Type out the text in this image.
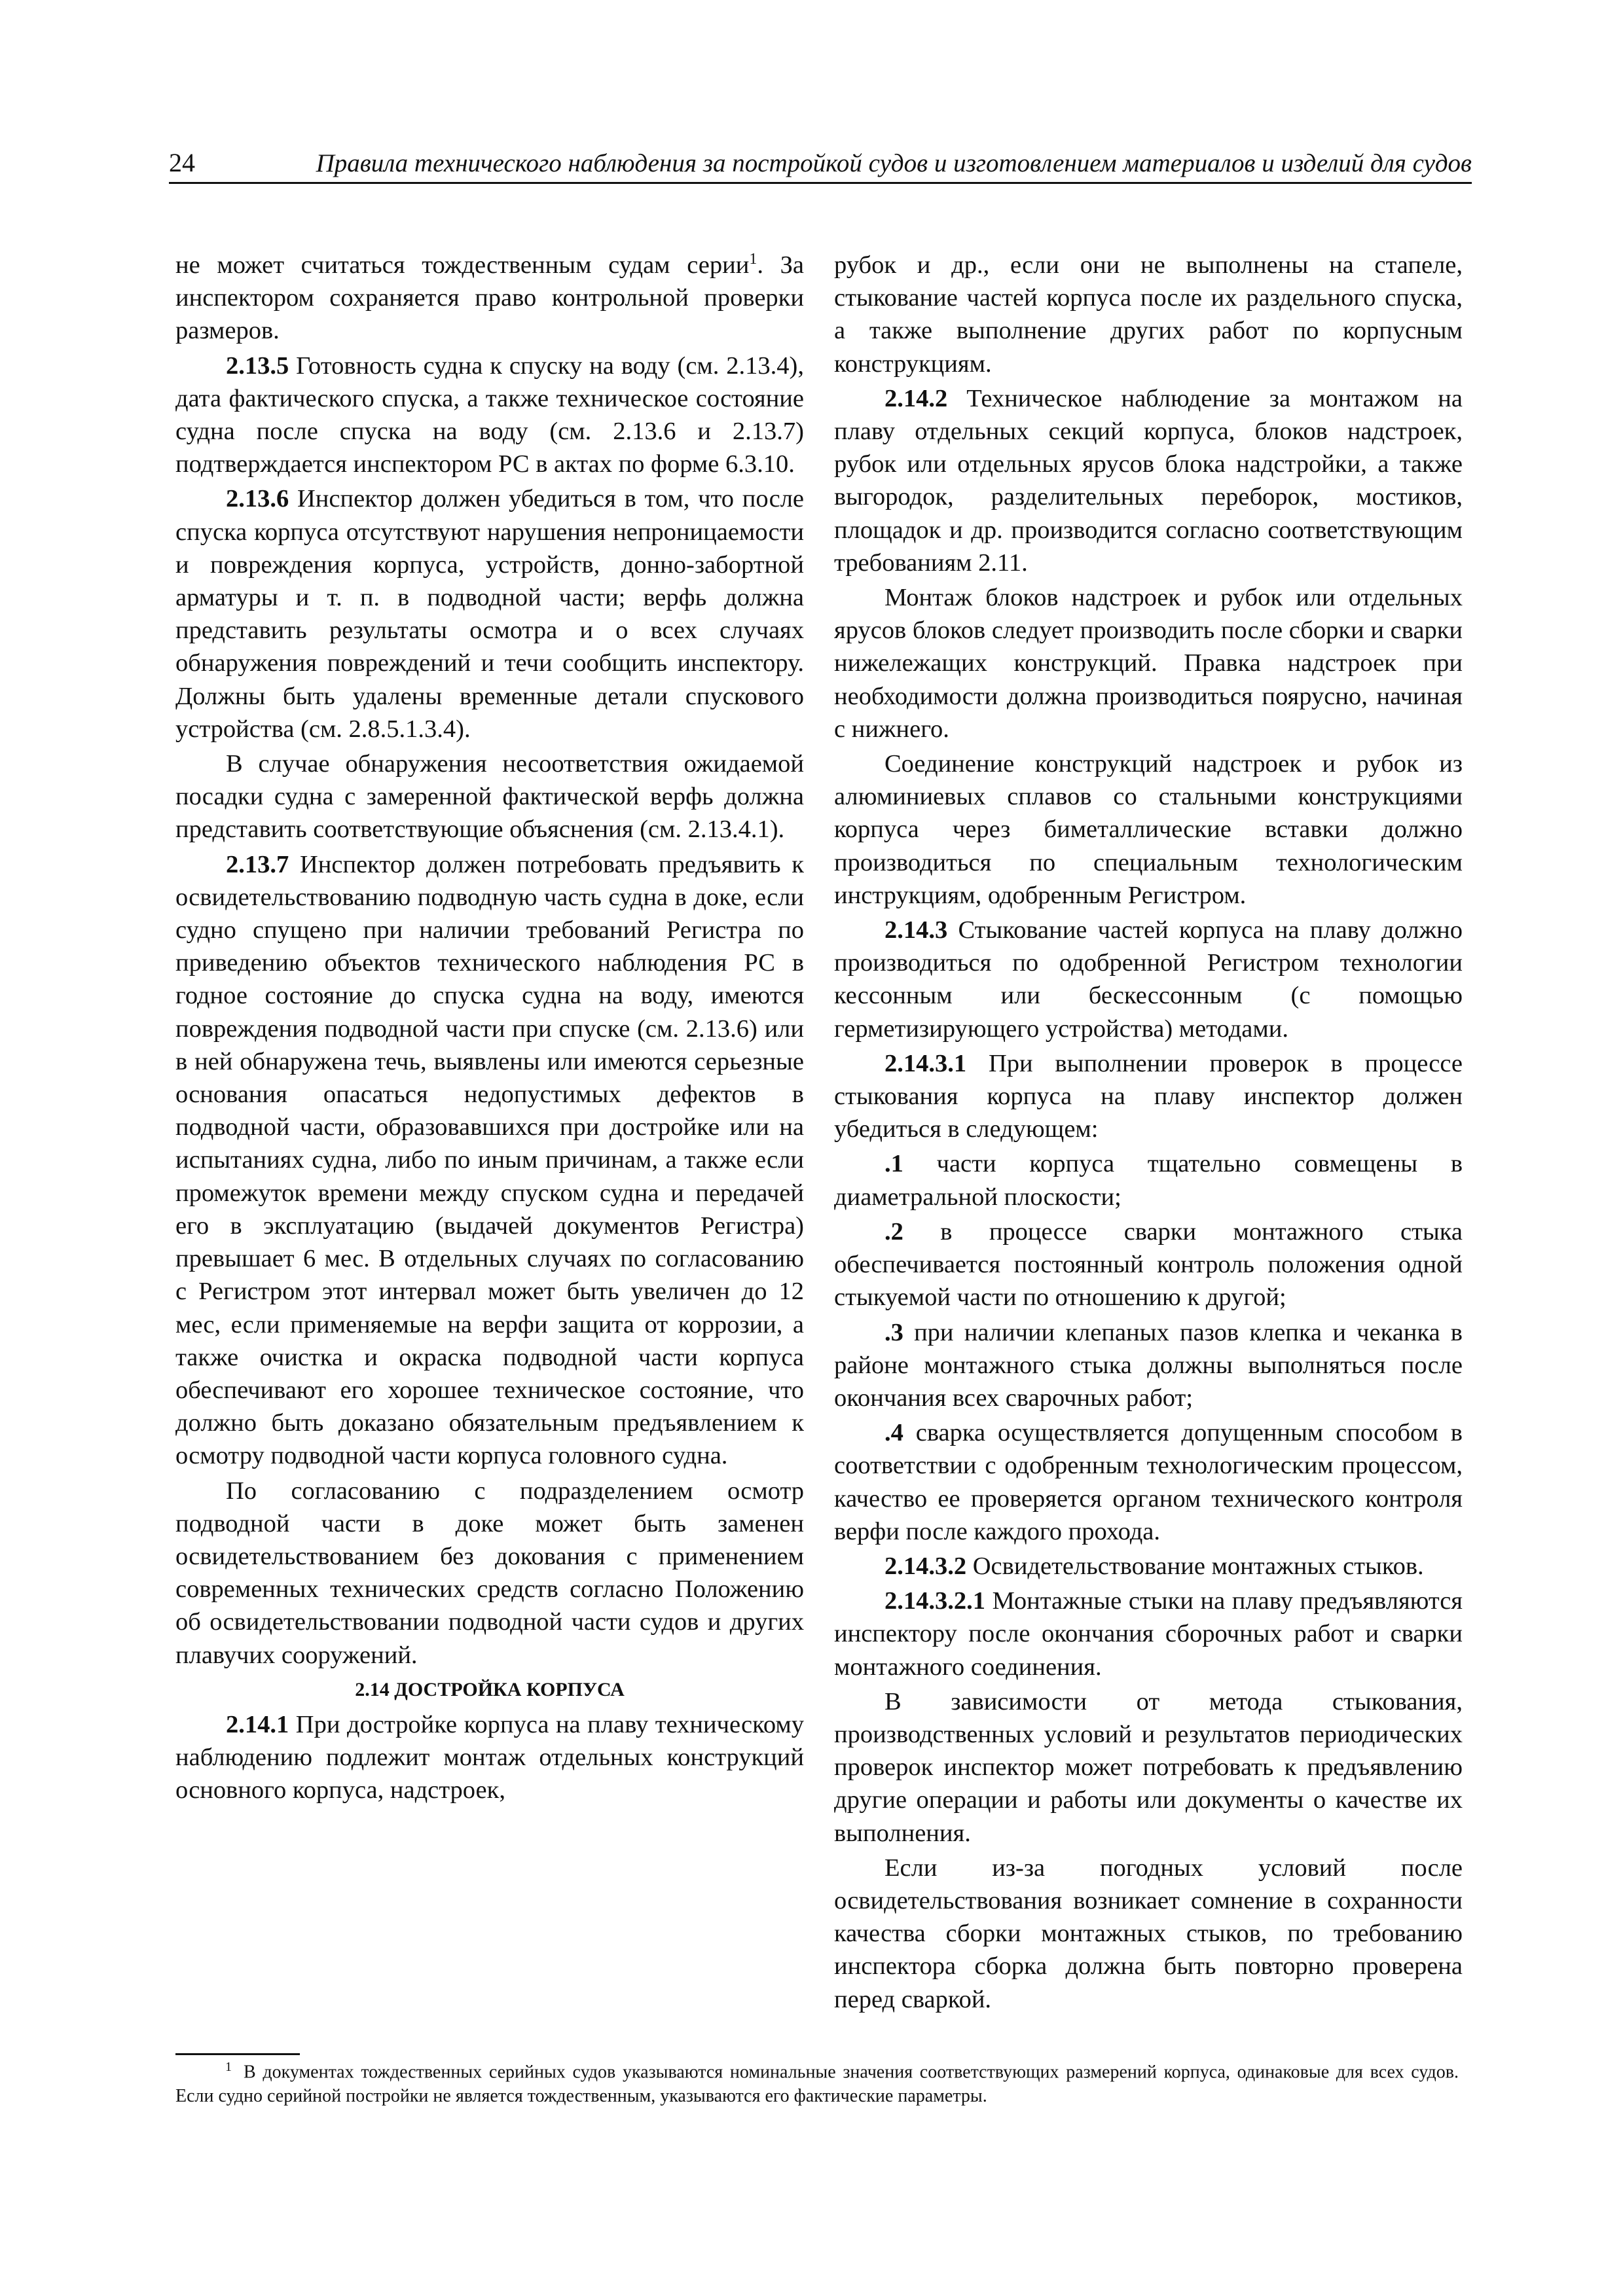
24	Правила технического наблюдения за постройкой судов и изготовлением материалов и изделий для судов

не может считаться тождественным судам серии$^1$. За инспектором сохраняется право контрольной проверки размеров.

2.13.5 Готовность судна к спуску на воду (см. 2.13.4), дата фактического спуска, а также техническое состояние судна после спуска на воду (см. 2.13.6 и 2.13.7) подтверждается инспектором РС в актах по форме 6.3.10.

2.13.6 Инспектор должен убедиться в том, что после спуска корпуса отсутствуют нарушения непроницаемости и повреждения корпуса, устройств, донно-забортной арматуры и т. п. в подводной части; верфь должна представить результаты осмотра и о всех случаях обнаружения повреждений и течи сообщить инспектору. Должны быть удалены временные детали спускового устройства (см. 2.8.5.1.3.4).

В случае обнаружения несоответствия ожидаемой посадки судна с замеренной фактической верфь должна представить соответствующие объяснения (см. 2.13.4.1).

2.13.7 Инспектор должен потребовать предъявить к освидетельствованию подводную часть судна в доке, если судно спущено при наличии требований Регистра по приведению объектов технического наблюдения РС в годное состояние до спуска судна на воду, имеются повреждения подводной части при спуске (см. 2.13.6) или в ней обнаружена течь, выявлены или имеются серьезные основания опасаться недопустимых дефектов в подводной части, образовавшихся при достройке или на испытаниях судна, либо по иным причинам, а также если промежуток времени между спуском судна и передачей его в эксплуатацию (выдачей документов Регистра) превышает 6 мес. В отдельных случаях по согласованию с Регистром этот интервал может быть увеличен до 12 мес, если применяемые на верфи защита от коррозии, а также очистка и окраска подводной части корпуса обеспечивают его хорошее техническое состояние, что должно быть доказано обязательным предъявлением к осмотру подводной части корпуса головного судна.

По согласованию с подразделением осмотр подводной части в доке может быть заменен освидетельствованием без докования с применением современных технических средств согласно Положению об освидетельствовании подводной части судов и других плавучих сооружений.

2.14 ДОСТРОЙКА КОРПУСА

2.14.1 При достройке корпуса на плаву техническому наблюдению подлежит монтаж отдельных конструкций основного корпуса, надстроек,

рубок и др., если они не выполнены на стапеле, стыкование частей корпуса после их раздельного спуска, а также выполнение других работ по корпусным конструкциям.

2.14.2 Техническое наблюдение за монтажом на плаву отдельных секций корпуса, блоков надстроек, рубок или отдельных ярусов блока надстройки, а также выгородок, разделительных переборок, мостиков, площадок и др. производится согласно соответствующим требованиям 2.11.

Монтаж блоков надстроек и рубок или отдельных ярусов блоков следует производить после сборки и сварки нижележащих конструкций. Правка надстроек при необходимости должна производиться поярусно, начиная с нижнего.

Соединение конструкций надстроек и рубок из алюминиевых сплавов со стальными конструкциями корпуса через биметаллические вставки должно производиться по специальным технологическим инструкциям, одобренным Регистром.

2.14.3 Стыкование частей корпуса на плаву должно производиться по одобренной Регистром технологии кессонным или бескессонным (с помощью герметизирующего устройства) методами.

2.14.3.1 При выполнении проверок в процессе стыкования корпуса на плаву инспектор должен убедиться в следующем:

.1 части корпуса тщательно совмещены в диаметральной плоскости;

.2 в процессе сварки монтажного стыка обеспечивается постоянный контроль положения одной стыкуемой части по отношению к другой;

.3 при наличии клепаных пазов клепка и чеканка в районе монтажного стыка должны выполняться после окончания всех сварочных работ;

.4 сварка осуществляется допущенным способом в соответствии с одобренным технологическим процессом, качество ее проверяется органом технического контроля верфи после каждого прохода.

2.14.3.2 Освидетельствование монтажных стыков.

2.14.3.2.1 Монтажные стыки на плаву предъявляются инспектору после окончания сборочных работ и сварки монтажного соединения.

В зависимости от метода стыкования, производственных условий и результатов периодических проверок инспектор может потребовать к предъявлению другие операции и работы или документы о качестве их выполнения.

Если из-за погодных условий после освидетельствования возникает сомнение в сохранности качества сборки монтажных стыков, по требованию инспектора сборка должна быть повторно проверена перед сваркой.

$^1$ В документах тождественных серийных судов указываются номинальные значения соответствующих размерений корпуса, одинаковые для всех судов. Если судно серийной постройки не является тождественным, указываются его фактические параметры.
